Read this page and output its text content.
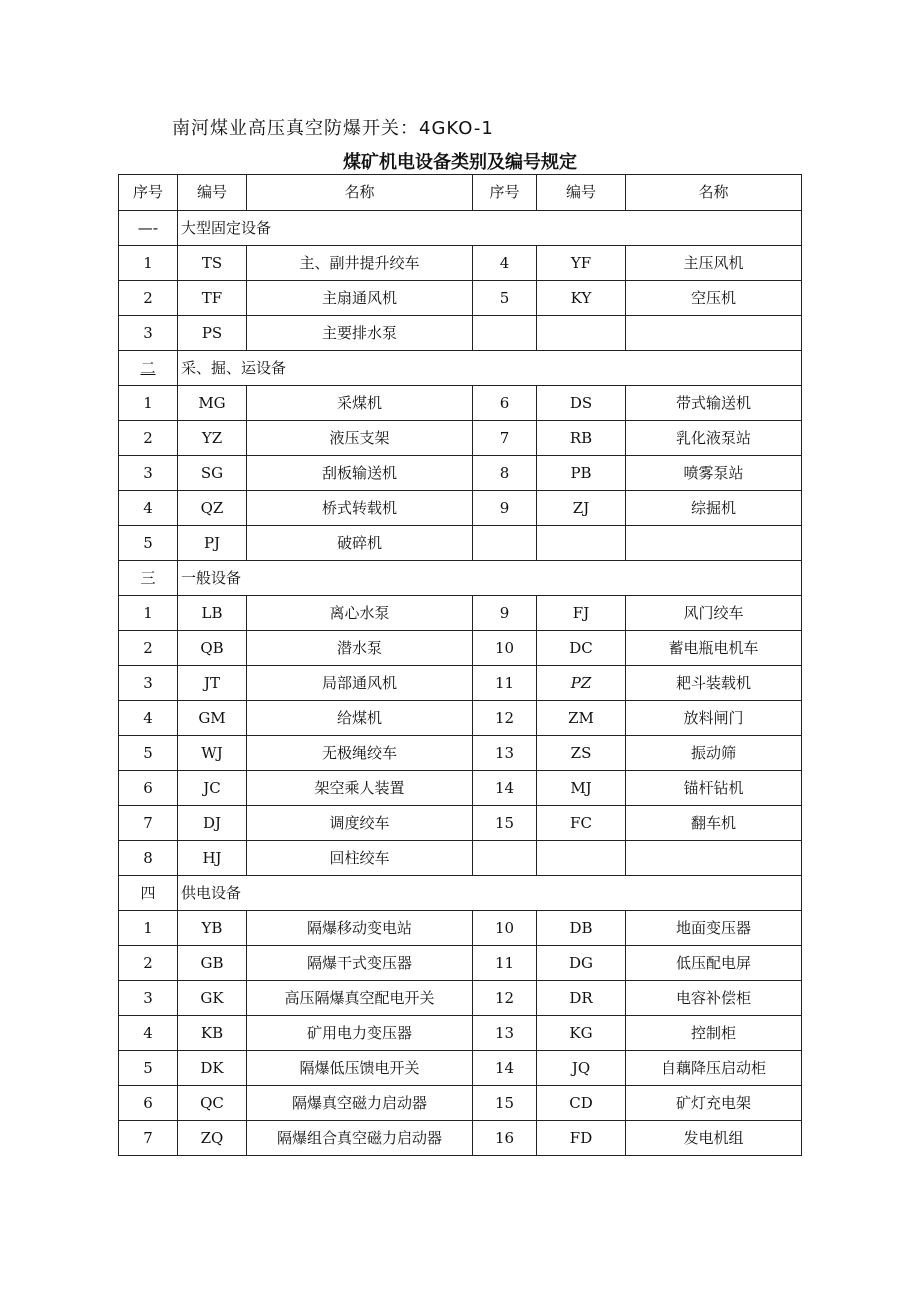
南河煤业高压真空防爆开关：4GKO-1
煤矿机电设备类别及编号规定
序号	编号	名称	序号	编号	名称
—-	大型固定设备				
1	TS	主、副井提升绞车	4	YF	主压风机
2	TF	主扇通风机	5	KY	空压机
3	PS	主要排水泵			
二	采、掘、运设备				
1	MG	采煤机	6	DS	带式输送机
2	YZ	液压支架	7	RB	乳化液泵站
3	SG	刮板输送机	8	PB	喷雾泵站
4	QZ	桥式转载机	9	ZJ	综掘机
5	PJ	破碎机			
三	一般设备				
1	LB	离心水泵	9	FJ	风门绞车
2	QB	潜水泵	10	DC	蓄电瓶电机车
3	JT	局部通风机	11	PZ	耙斗装载机
4	GM	给煤机	12	ZM	放料闸门
5	WJ	无极绳绞车	13	ZS	振动筛
6	JC	架空乘人装置	14	MJ	锚杆钻机
7	DJ	调度绞车	15	FC	翻车机
8	HJ	回柱绞车			
四	供电设备				
1	YB	隔爆移动变电站	10	DB	地面变压器
2	GB	隔爆干式变压器	11	DG	低压配电屏
3	GK	高压隔爆真空配电开关	12	DR	电容补偿柜
4	KB	矿用电力变压器	13	KG	控制柜
5	DK	隔爆低压馈电开关	14	JQ	自藕降压启动柜
6	QC	隔爆真空磁力启动器	15	CD	矿灯充电架
7	ZQ	隔爆组合真空磁力启动器	16	FD	发电机组
